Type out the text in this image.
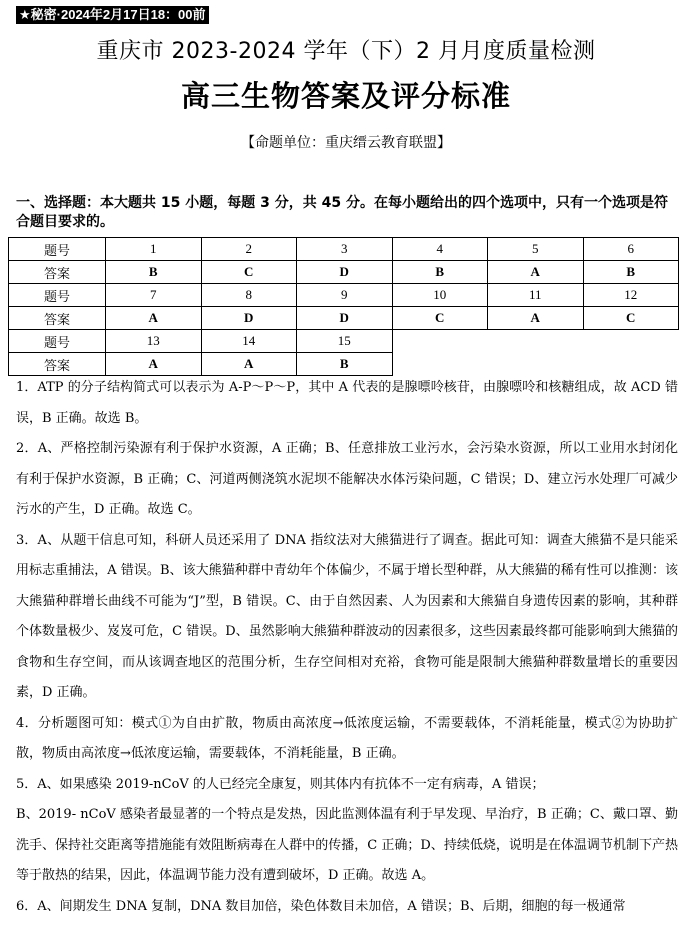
★秘密·2024年2月17日18：00前
重庆市 2023-2024 学年（下）2 月月度质量检测
高三生物答案及评分标准
【命题单位：重庆缙云教育联盟】
一、选择题：本大题共 15 小题，每题 3 分，共 45 分。在每小题给出的四个选项中，只有一个选项是符合题目要求的。
题号	1	2	3	4	5	6
答案	B	C	D	B	A	B
题号	7	8	9	10	11	12
答案	A	D	D	C	A	C
题号	13	14	15			
答案	A	A	B			

1．ATP 的分子结构简式可以表示为 A-P～P～P，其中 A 代表的是腺嘌呤核苷，由腺嘌呤和核糖组成，故 ACD 错误，B 正确。故选 B。

2．A、严格控制污染源有利于保护水资源，A 正确；B、任意排放工业污水，会污染水资源，所以工业用水封闭化有利于保护水资源，B 正确；C、河道两侧浇筑水泥坝不能解决水体污染问题，C 错误；D、建立污水处理厂可减少污水的产生，D 正确。故选 C。

3．A、从题干信息可知，科研人员还采用了 DNA 指纹法对大熊猫进行了调查。据此可知：调查大熊猫不是只能采用标志重捕法，A 错误。B、该大熊猫种群中青幼年个体偏少，不属于增长型种群，从大熊猫的稀有性可以推测：该大熊猫种群增长曲线不可能为“J”型，B 错误。C、由于自然因素、人为因素和大熊猫自身遗传因素的影响，其种群个体数量极少、岌岌可危，C 错误。D、虽然影响大熊猫种群波动的因素很多，这些因素最终都可能影响到大熊猫的食物和生存空间，而从该调查地区的范围分析，生存空间相对充裕，食物可能是限制大熊猫种群数量增长的重要因素，D 正确。

4．分析题图可知：模式①为自由扩散，物质由高浓度→低浓度运输，不需要载体，不消耗能量，模式②为协助扩散，物质由高浓度→低浓度运输，需要载体，不消耗能量，B 正确。

5．A、如果感染 2019-nCoV 的人已经完全康复，则其体内有抗体不一定有病毒，A 错误；

B、2019- nCoV 感染者最显著的一个特点是发热，因此监测体温有利于早发现、早治疗，B 正确；C、戴口罩、勤洗手、保持社交距离等措施能有效阻断病毒在人群中的传播，C 正确；D、持续低烧，说明是在体温调节机制下产热等于散热的结果，因此，体温调节能力没有遭到破坏，D 正确。故选 A。

6．A、间期发生 DNA 复制，DNA 数目加倍，染色体数目未加倍，A 错误；B、后期，细胞的每一极通常
